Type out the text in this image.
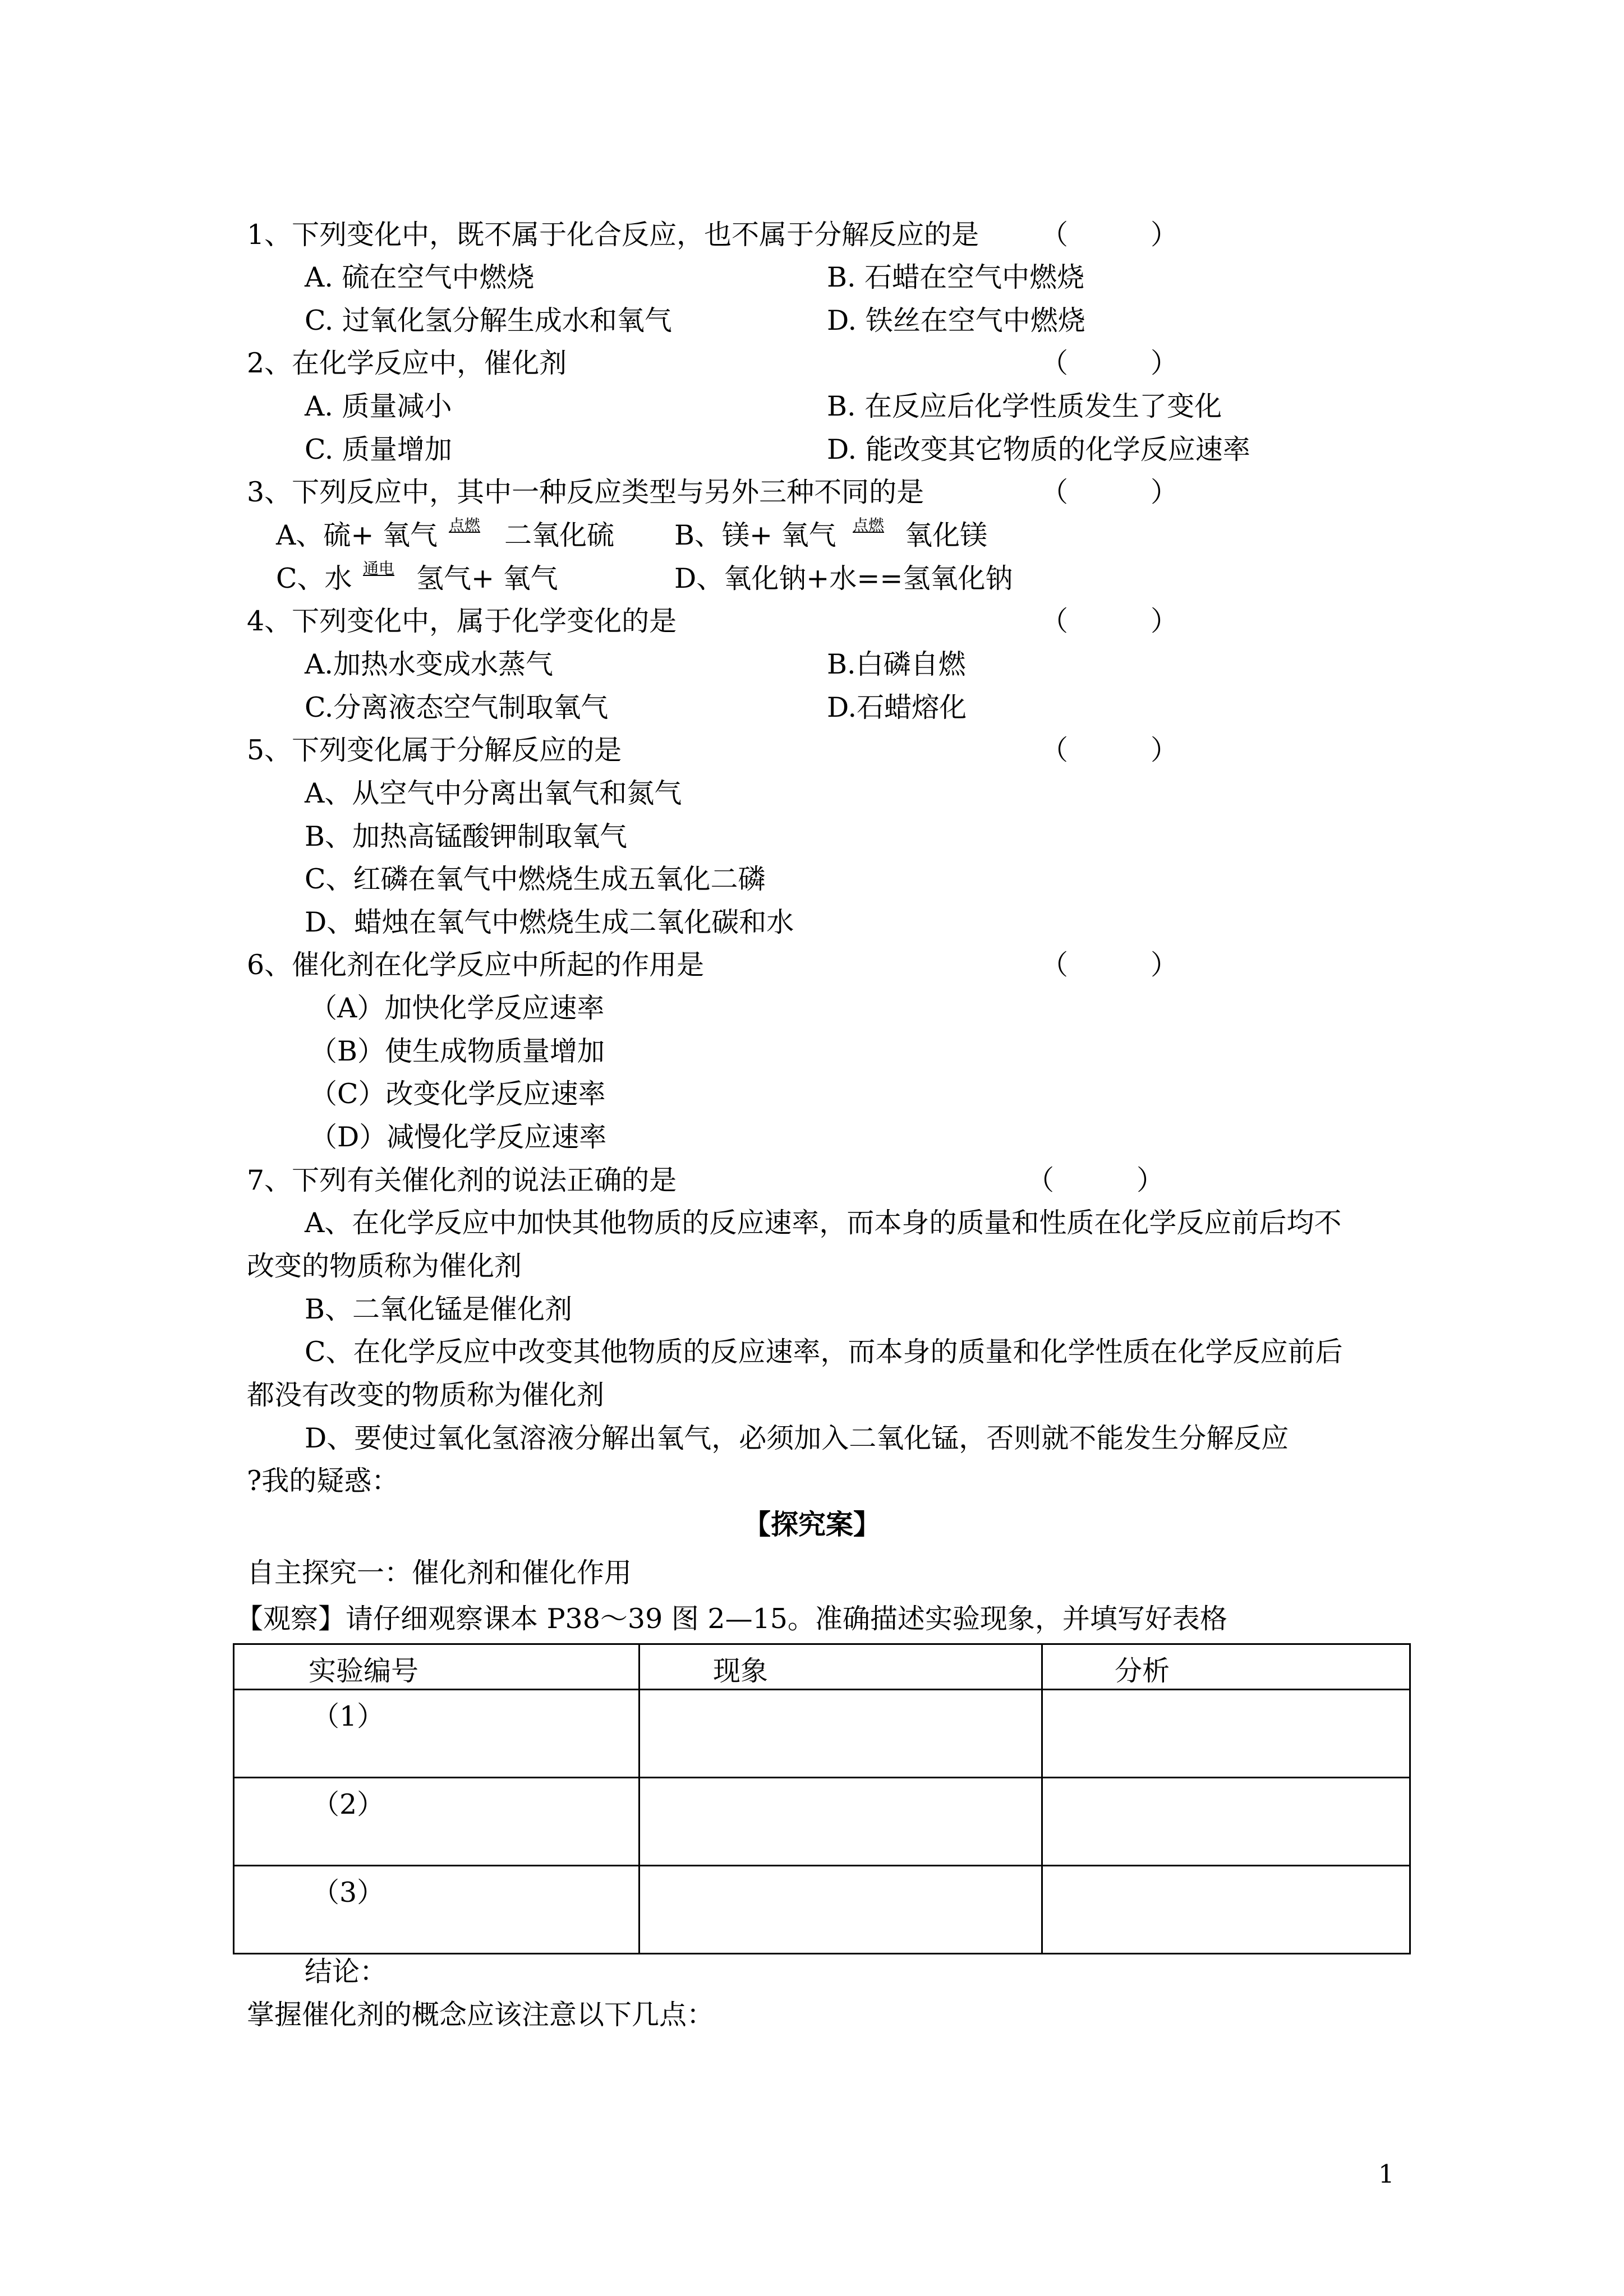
1、下列变化中，既不属于化合反应，也不属于分解反应的是 （　　　）
A. 硫在空气中燃烧	B. 石蜡在空气中燃烧
C. 过氧化氢分解生成水和氧气	D. 铁丝在空气中燃烧
2、在化学反应中，催化剂	（　　　）
A. 质量减小	B. 在反应后化学性质发生了变化
C. 质量增加	D. 能改变其它物质的化学反应速率
3、下列反应中，其中一种反应类型与另外三种不同的是	（　　　）
A、硫+ 氧气 点燃 二氧化硫 B、镁+ 氧气 点燃 氧化镁
C、水 通电 氢气+ 氧气	D、氧化钠+水==氢氧化钠
4、下列变化中，属于化学变化的是	（　　　）
A.加热水变成水蒸气	B.白磷自燃
C.分离液态空气制取氧气	D.石蜡熔化
5、下列变化属于分解反应的是	（　　　）
A、从空气中分离出氧气和氮气
B、加热高锰酸钾制取氧气
C、红磷在氧气中燃烧生成五氧化二磷
D、蜡烛在氧气中燃烧生成二氧化碳和水
6、催化剂在化学反应中所起的作用是	（　　　）
（A）加快化学反应速率
（B）使生成物质量增加
（C）改变化学反应速率
（D）减慢化学反应速率
7、下列有关催化剂的说法正确的是	（　　　）
A、在化学反应中加快其他物质的反应速率，而本身的质量和性质在化学反应前后均不
改变的物质称为催化剂
B、二氧化锰是催化剂
C、在化学反应中改变其他物质的反应速率，而本身的质量和化学性质在化学反应前后
都没有改变的物质称为催化剂
D、要使过氧化氢溶液分解出氧气，必须加入二氧化锰，否则就不能发生分解反应
?我的疑惑：
【探究案】
自主探究一：催化剂和催化作用
【观察】请仔细观察课本 P38～39 图 2—15。准确描述实验现象，并填写好表格
实验编号	现象	分析
（1）		
（2）		
（3）		
结论：
掌握催化剂的概念应该注意以下几点：
1
